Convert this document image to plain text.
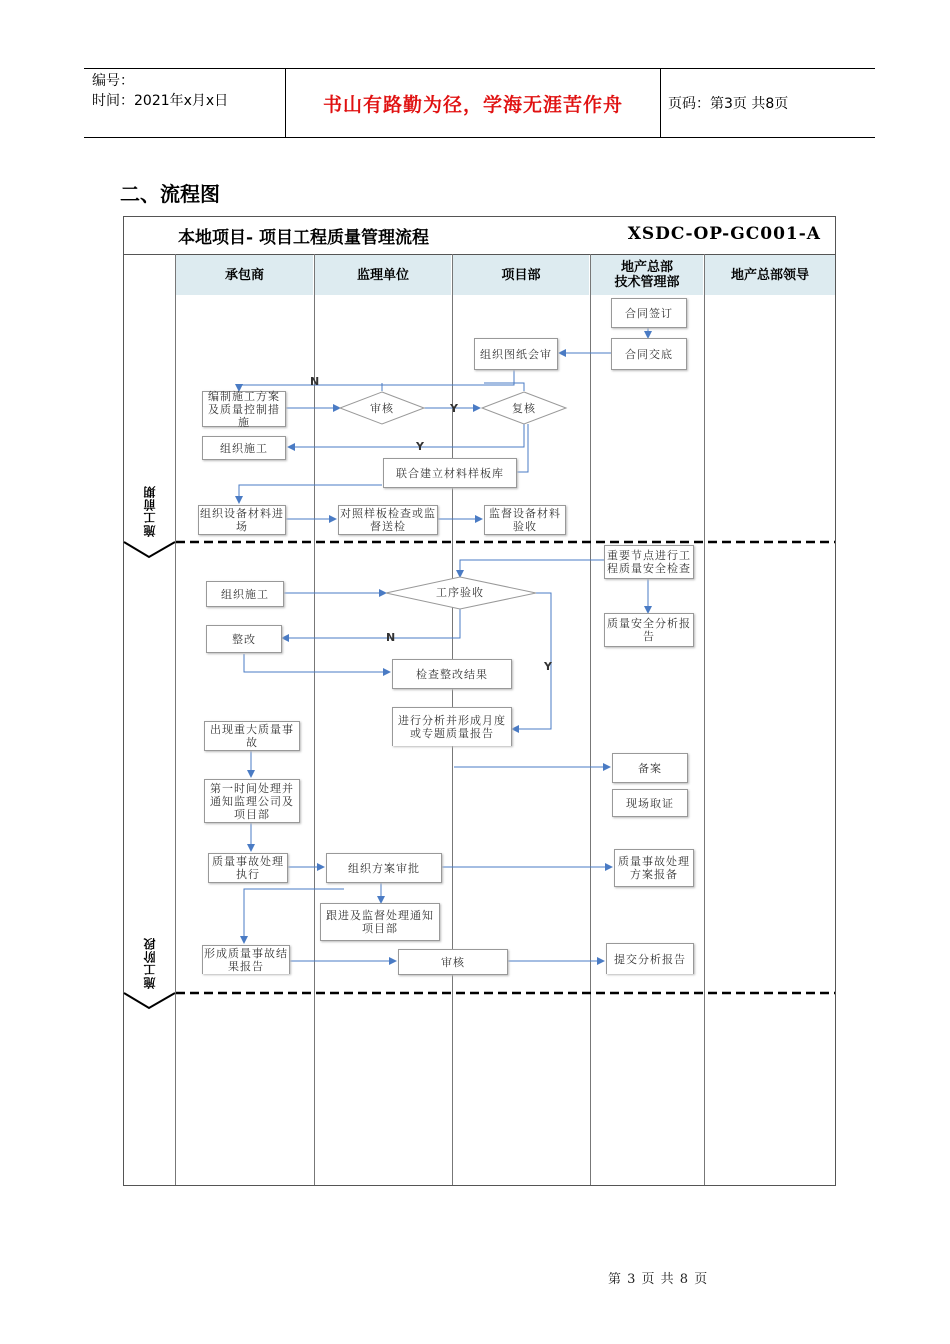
编号：
时间：2021年x月x日	书山有路勤为径，学海无涯苦作舟	页码：第3页 共8页
二、流程图
本地项目- 项目工程质量管理流程	XSDC-OP-GC001-A
承包商	监理单位	项目部	地产总部
技术管理部	地产总部领导
施工前期
施工阶段
N
Y
Y
N
Y
审核	复核
工序验收
合同签订
合同交底
组织图纸会审
编制施工方案及质量控制措施
组织施工
联合建立材料样板库
组织设备材料进场
对照样板检查或监督送检
监督设备材料验收
重要节点进行工程质量安全检查
组织施工
整改
质量安全分析报告
检查整改结果
进行分析并形成月度或专题质量报告
出现重大质量事故
备案
第一时间处理并通知监理公司及项目部
现场取证
质量事故处理执行	组织方案审批	质量事故处理方案报备
跟进及监督处理通知项目部
形成质量事故结果报告	审核	提交分析报告
第 3 页 共 8 页
